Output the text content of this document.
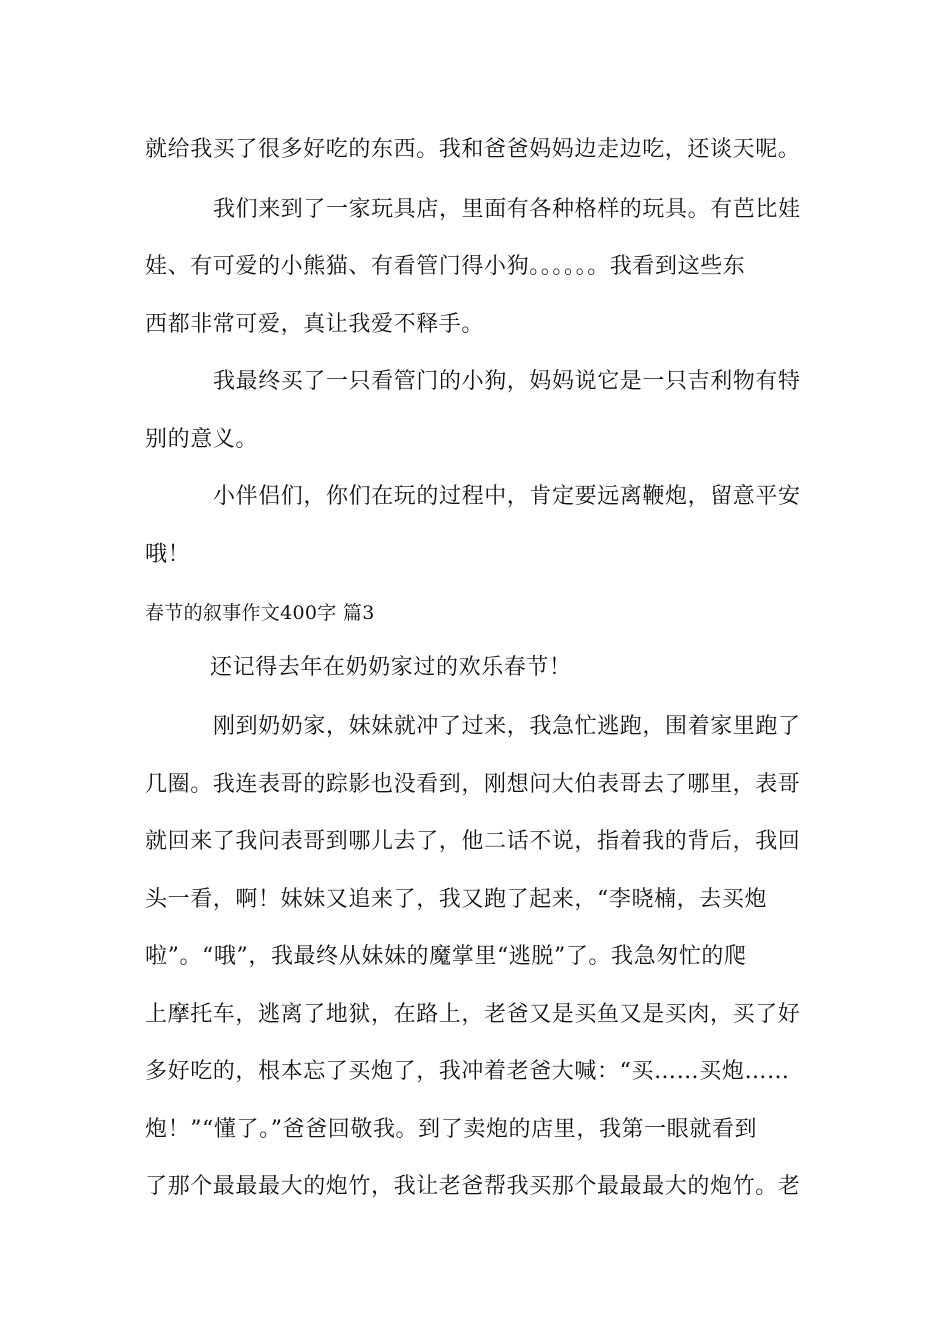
就给我买了很多好吃的东西。我和爸爸妈妈边走边吃，还谈天呢。
我们来到了一家玩具店，里面有各种格样的玩具。有芭比娃
娃、有可爱的小熊猫、有看管门得小狗。。。。。。我看到这些东
西都非常可爱，真让我爱不释手。
我最终买了一只看管门的小狗，妈妈说它是一只吉利物有特
别的意义。
小伴侣们，你们在玩的过程中，肯定要远离鞭炮，留意平安
哦！
春节的叙事作文400字 篇3
还记得去年在奶奶家过的欢乐春节！
刚到奶奶家，妹妹就冲了过来，我急忙逃跑，围着家里跑了
几圈。我连表哥的踪影也没看到，刚想问大伯表哥去了哪里，表哥
就回来了我问表哥到哪儿去了，他二话不说，指着我的背后，我回
头一看，啊！妹妹又追来了，我又跑了起来，“李晓楠，去买炮
啦”。“哦”，我最终从妹妹的魔掌里“逃脱”了。我急匆忙的爬
上摩托车，逃离了地狱，在路上，老爸又是买鱼又是买肉，买了好
多好吃的，根本忘了买炮了，我冲着老爸大喊：“买……买炮……
炮！”“懂了。”爸爸回敬我。到了卖炮的店里，我第一眼就看到
了那个最最最大的炮竹，我让老爸帮我买那个最最最大的炮竹。老
